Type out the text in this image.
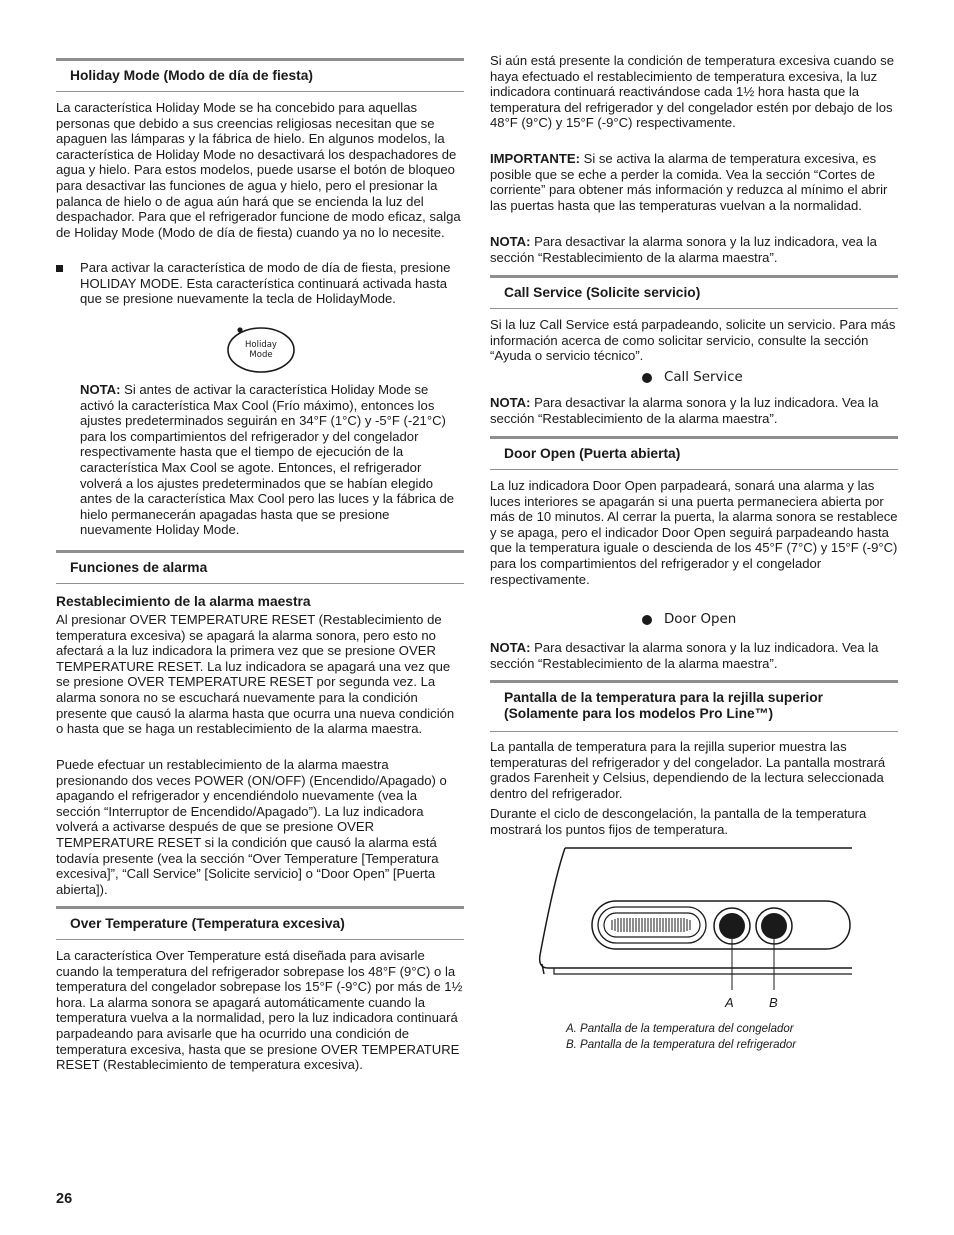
Holiday Mode (Modo de día de fiesta)

La característica Holiday Mode se ha concebido para aquellas personas que debido a sus creencias religiosas necesitan que se apaguen las lámparas y la fábrica de hielo. En algunos modelos, la característica de Holiday Mode no desactivará los despachadores de agua y hielo. Para estos modelos, puede usarse el botón de bloqueo para desactivar las funciones de agua y hielo, pero el presionar la palanca de hielo o de agua aún hará que se encienda la luz del despachador. Para que el refrigerador funcione de modo eficaz, salga de Holiday Mode (Modo de día de fiesta) cuando ya no lo necesite.

Para activar la característica de modo de día de fiesta, presione HOLIDAY MODE. Esta característica continuará activada hasta que se presione nuevamente la tecla de HolidayMode.

Holiday
Mode

NOTA: Si antes de activar la característica Holiday Mode se activó la característica Max Cool (Frío máximo), entonces los ajustes predeterminados seguirán en 34°F (1°C) y -5°F (-21°C) para los compartimientos del refrigerador y del congelador respectivamente hasta que el tiempo de ejecución de la característica Max Cool se agote. Entonces, el refrigerador volverá a los ajustes predeterminados que se habían elegido antes de la característica Max Cool pero las luces y la fábrica de hielo permanecerán apagadas hasta que se presione nuevamente Holiday Mode.

Funciones de alarma
Restablecimiento de la alarma maestra

Al presionar OVER TEMPERATURE RESET (Restablecimiento de temperatura excesiva) se apagará la alarma sonora, pero esto no afectará a la luz indicadora la primera vez que se presione OVER TEMPERATURE RESET. La luz indicadora se apagará una vez que se presione OVER TEMPERATURE RESET por segunda vez. La alarma sonora no se escuchará nuevamente para la condición presente que causó la alarma hasta que ocurra una nueva condición o hasta que se haga un restablecimiento de la alarma maestra.

Puede efectuar un restablecimiento de la alarma maestra presionando dos veces POWER (ON/OFF) (Encendido/Apagado) o apagando el refrigerador y encendiéndolo nuevamente (vea la sección “Interruptor de Encendido/Apagado”). La luz indicadora volverá a activarse después de que se presione OVER TEMPERATURE RESET si la condición que causó la alarma está todavía presente (vea la sección “Over Temperature [Temperatura excesiva]”, “Call Service” [Solicite servicio] o “Door Open” [Puerta abierta]).

Over Temperature (Temperatura excesiva)

La característica Over Temperature está diseñada para avisarle cuando la temperatura del refrigerador sobrepase los 48°F (9°C) o la temperatura del congelador sobrepase los 15°F (-9°C) por más de 1½ hora. La alarma sonora se apagará automáticamente cuando la temperatura vuelva a la normalidad, pero la luz indicadora continuará parpadeando para avisarle que ha ocurrido una condición de temperatura excesiva, hasta que se presione OVER TEMPERATURE RESET (Restablecimiento de temperatura excesiva).

26

Si aún está presente la condición de temperatura excesiva cuando se haya efectuado el restablecimiento de temperatura excesiva, la luz indicadora continuará reactivándose cada 1½ hora hasta que la temperatura del refrigerador y del congelador estén por debajo de los 48°F (9°C) y 15°F (-9°C) respectivamente.

IMPORTANTE: Si se activa la alarma de temperatura excesiva, es posible que se eche a perder la comida. Vea la sección “Cortes de corriente” para obtener más información y reduzca al mínimo el abrir las puertas hasta que las temperaturas vuelvan a la normalidad.

NOTA: Para desactivar la alarma sonora y la luz indicadora, vea la sección “Restablecimiento de la alarma maestra”.

Call Service (Solicite servicio)

Si la luz Call Service está parpadeando, solicite un servicio. Para más información acerca de como solicitar servicio, consulte la sección “Ayuda o servicio técnico”.

Call Service

NOTA: Para desactivar la alarma sonora y la luz indicadora. Vea la sección “Restablecimiento de la alarma maestra”.

Door Open (Puerta abierta)

La luz indicadora Door Open parpadeará, sonará una alarma y las luces interiores se apagarán si una puerta permaneciera abierta por más de 10 minutos. Al cerrar la puerta, la alarma sonora se restablece y se apaga, pero el indicador Door Open seguirá parpadeando hasta que la temperatura iguale o descienda de los 45°F (7°C) y 15°F (-9°C) para los compartimientos del refrigerador y el congelador respectivamente.

Door Open

NOTA: Para desactivar la alarma sonora y la luz indicadora. Vea la sección “Restablecimiento de la alarma maestra”.

Pantalla de la temperatura para la rejilla superior
(Solamente para los modelos Pro Line™)

La pantalla de temperatura para la rejilla superior muestra las temperaturas del refrigerador y del congelador. La pantalla mostrará grados Farenheit y Celsius, dependiendo de la lectura seleccionada dentro del refrigerador.

Durante el ciclo de descongelación, la pantalla de la temperatura mostrará los puntos fijos de temperatura.

A	B
A. Pantalla de la temperatura del congelador
B. Pantalla de la temperatura del refrigerador
